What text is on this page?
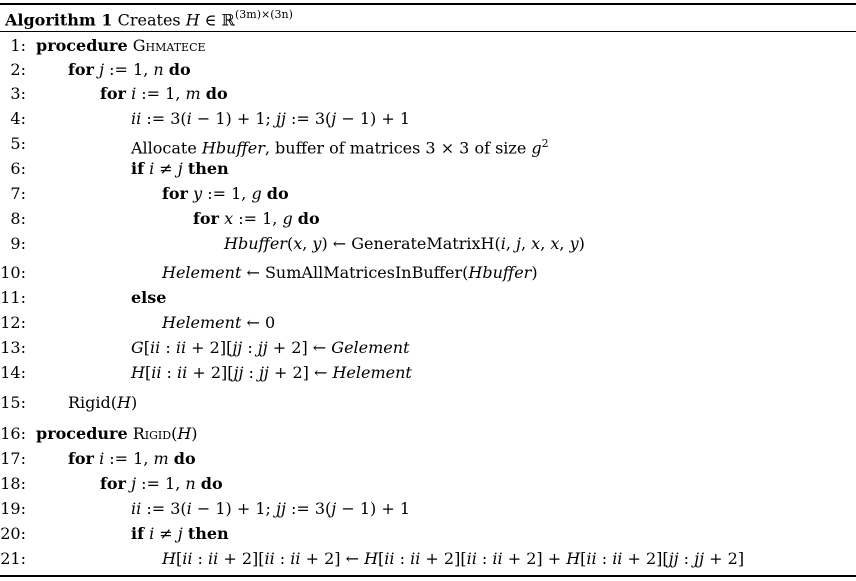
Algorithm 1 Creates H ∈ ℝ$^{(3m)\times(3n)}$
1: procedure Ghmatece
2:	for j := 1, n do
3:	for i := 1, m do
4:	ii := 3(i − 1) + 1; jj := 3(j − 1) + 1
5:	Allocate Hbuffer, buffer of matrices 3 × 3 of size $g^2$
6:	if i ≠ j then
7:	for y := 1, g do
8:	for x := 1, g do
9:	Hbuffer(x, y) ← GenerateMatrixH(i, j, x, x, y)
10:	Helement ← SumAllMatricesInBuffer(Hbuffer)
11:	else
12:	Helement ← 0
13:	G[ii : ii + 2][jj : jj + 2] ← Gelement
14:	H[ii : ii + 2][jj : jj + 2] ← Helement
15:	Rigid(H)
16: procedure Rigid(H)
17:	for i := 1, m do
18:	for j := 1, n do
19:	ii := 3(i − 1) + 1; jj := 3(j − 1) + 1
20:	if i ≠ j then
21:	H[ii : ii + 2][ii : ii + 2] ← H[ii : ii + 2][ii : ii + 2] + H[ii : ii + 2][jj : jj + 2]
